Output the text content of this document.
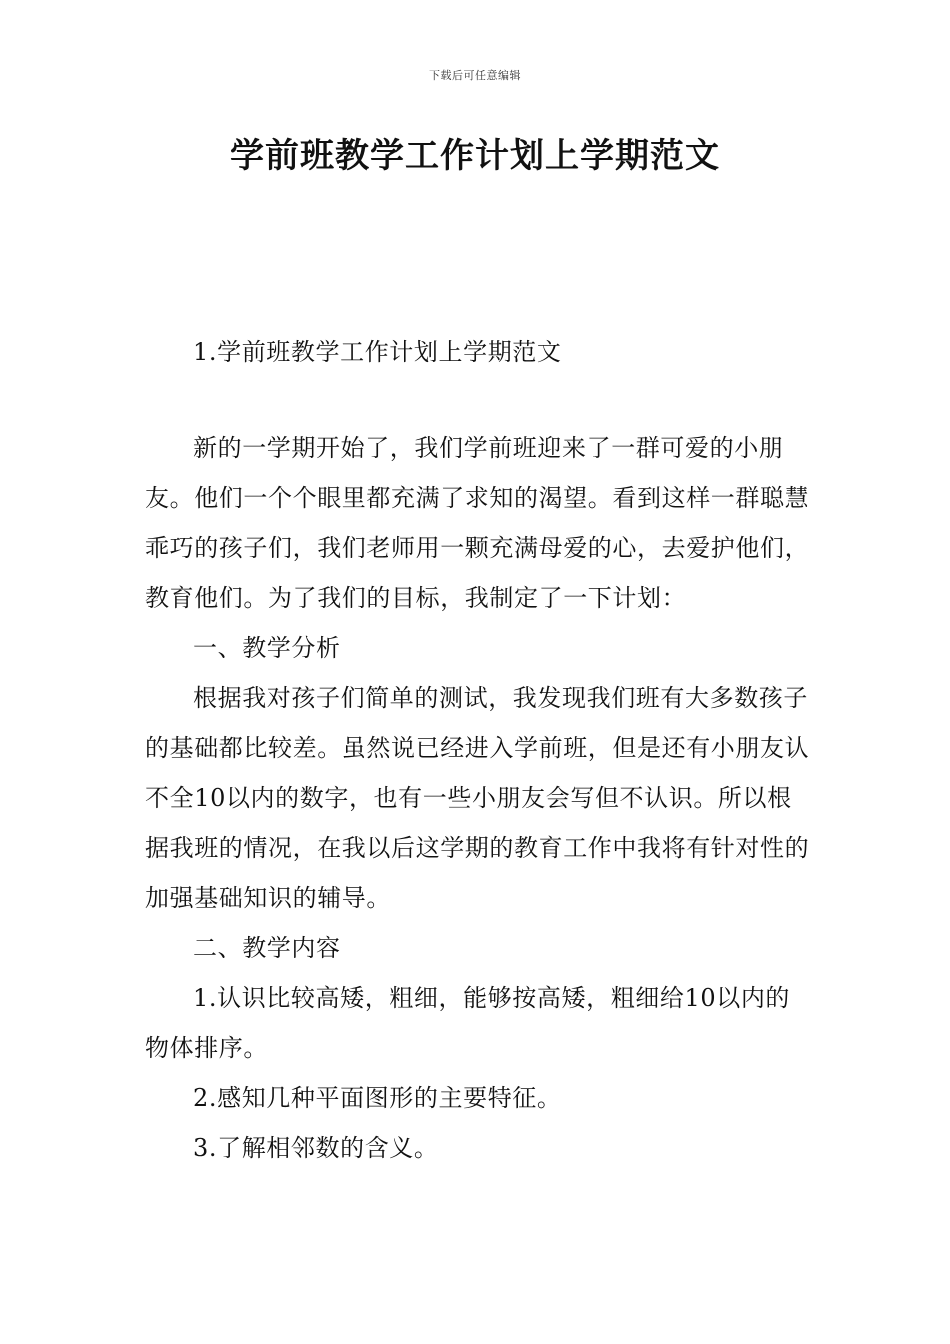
下载后可任意编辑
学前班教学工作计划上学期范文

1.学前班教学工作计划上学期范文

新的一学期开始了，我们学前班迎来了一群可爱的小朋友。他们一个个眼里都充满了求知的渴望。看到这样一群聪慧乖巧的孩子们，我们老师用一颗充满母爱的心，去爱护他们，教育他们。为了我们的目标，我制定了一下计划：

一、教学分析

根据我对孩子们简单的测试，我发现我们班有大多数孩子的基础都比较差。虽然说已经进入学前班，但是还有小朋友认不全10以内的数字，也有一些小朋友会写但不认识。所以根据我班的情况，在我以后这学期的教育工作中我将有针对性的加强基础知识的辅导。

二、教学内容

1.认识比较高矮，粗细，能够按高矮，粗细给10以内的物体排序。

2.感知几种平面图形的主要特征。

3.了解相邻数的含义。
